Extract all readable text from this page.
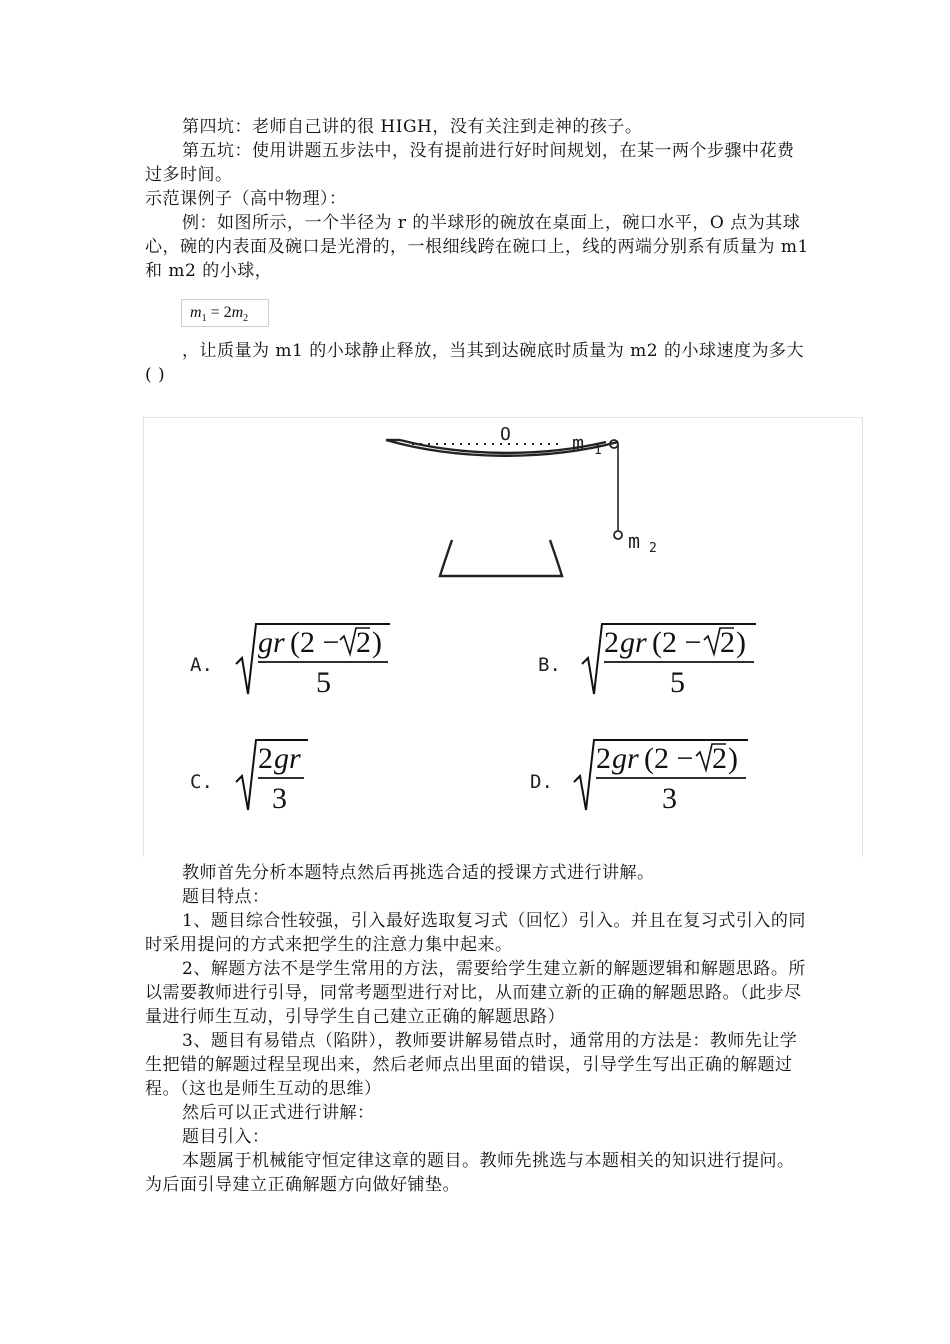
第四坑：老师自己讲的很 HIGH，没有关注到走神的孩子。

第五坑：使用讲题五步法中，没有提前进行好时间规划，在某一两个步骤中花费过多时间。

示范课例子（高中物理）：

例：如图所示，一个半径为 r 的半球形的碗放在桌面上，碗口水平，O 点为其球心，碗的内表面及碗口是光滑的，一根细线跨在碗口上，线的两端分别系有质量为 m1 和 m2 的小球，

$m_1 = 2m_2$

，让质量为 m1 的小球静止释放，当其到达碗底时质量为 m2 的小球速度为多大( )

O	m 1
m 2
A.
gr (2 − 2 )
5
B.
2 gr (2 − 2 )
5
C.
2 gr
3	D.
2 gr (2 − 2 )
3

教师首先分析本题特点然后再挑选合适的授课方式进行讲解。

题目特点：

1、题目综合性较强，引入最好选取复习式（回忆）引入。并且在复习式引入的同时采用提问的方式来把学生的注意力集中起来。

2、解题方法不是学生常用的方法，需要给学生建立新的解题逻辑和解题思路。所以需要教师进行引导，同常考题型进行对比，从而建立新的正确的解题思路。（此步尽量进行师生互动，引导学生自己建立正确的解题思路）

3、题目有易错点（陷阱），教师要讲解易错点时，通常用的方法是：教师先让学生把错的解题过程呈现出来，然后老师点出里面的错误，引导学生写出正确的解题过程。（这也是师生互动的思维）

然后可以正式进行讲解：

题目引入：

本题属于机械能守恒定律这章的题目。教师先挑选与本题相关的知识进行提问。为后面引导建立正确解题方向做好铺垫。
